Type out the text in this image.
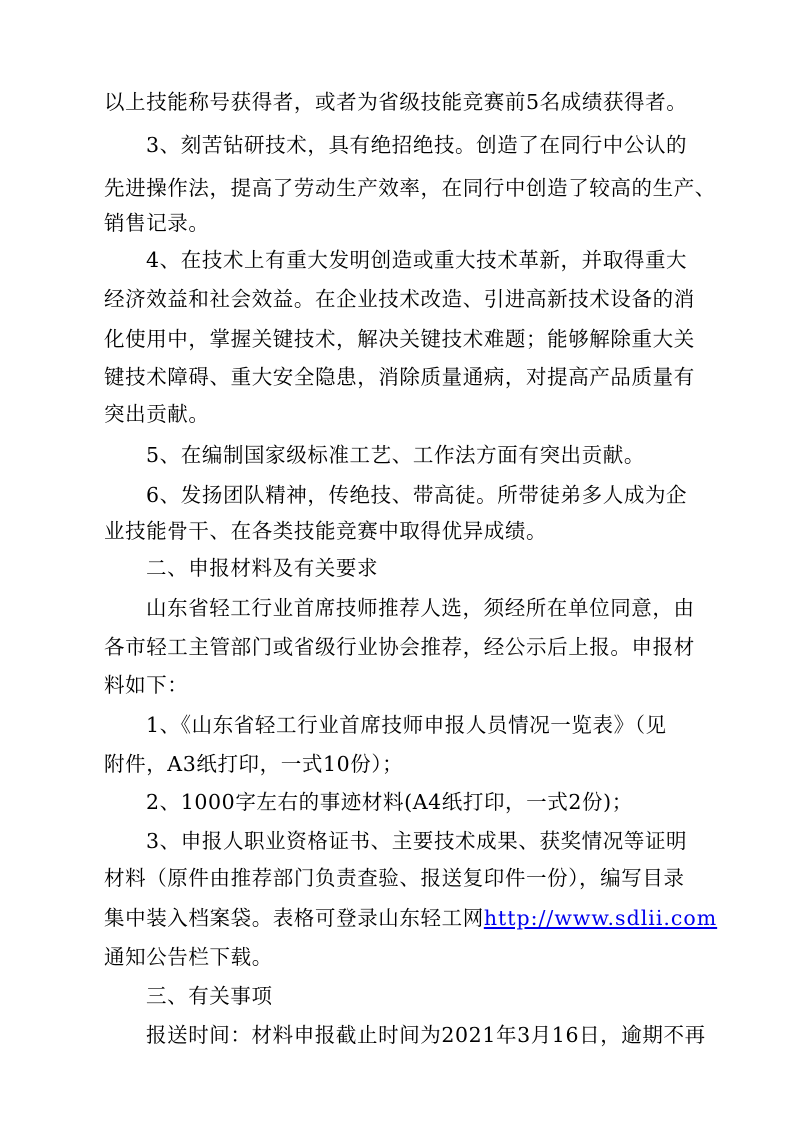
以上技能称号获得者，或者为省级技能竞赛前5名成绩获得者。
3、刻苦钻研技术，具有绝招绝技。创造了在同行中公认的
先进操作法，提高了劳动生产效率，在同行中创造了较高的生产、
销售记录。
4、在技术上有重大发明创造或重大技术革新，并取得重大
经济效益和社会效益。在企业技术改造、引进高新技术设备的消
化使用中，掌握关键技术，解决关键技术难题；能够解除重大关
键技术障碍、重大安全隐患，消除质量通病，对提高产品质量有
突出贡献。
5、在编制国家级标准工艺、工作法方面有突出贡献。
6、发扬团队精神，传绝技、带高徒。所带徒弟多人成为企
业技能骨干、在各类技能竞赛中取得优异成绩。
二、申报材料及有关要求
山东省轻工行业首席技师推荐人选，须经所在单位同意，由
各市轻工主管部门或省级行业协会推荐，经公示后上报。申报材
料如下：
1、《山东省轻工行业首席技师申报人员情况一览表》（见
附件，A3纸打印，一式10份）；
2、1000字左右的事迹材料(A4纸打印，一式2份)；
3、申报人职业资格证书、主要技术成果、获奖情况等证明
材料（原件由推荐部门负责查验、报送复印件一份），编写目录
集中装入档案袋。表格可登录山东轻工网http://www.sdlii.com
通知公告栏下载。
三、有关事项
报送时间：材料申报截止时间为2021年3月16日，逾期不再
